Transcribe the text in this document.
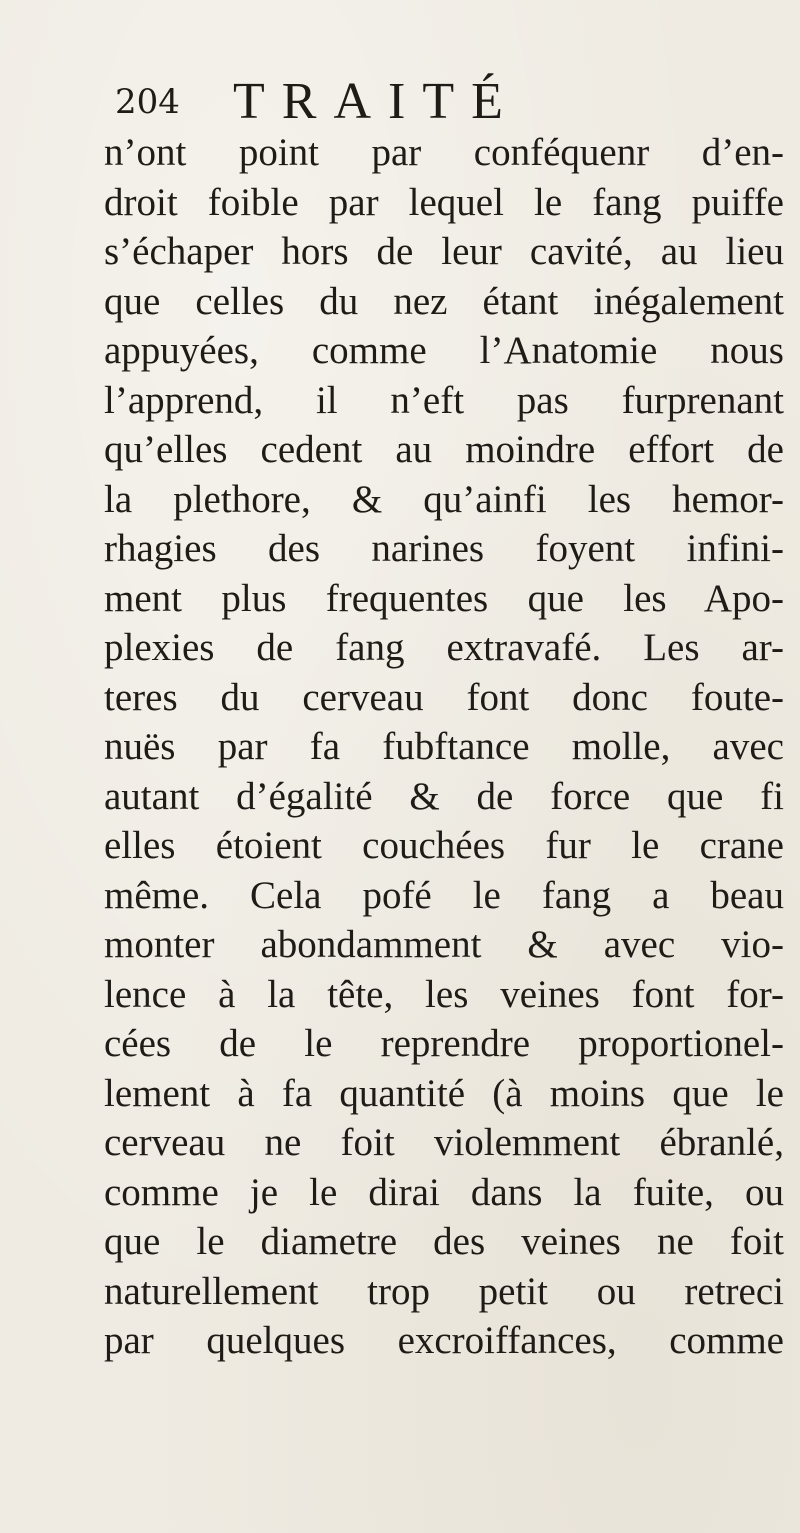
204 TRAITÉ
n’ont point par conféquenr d’en-
droit foible par lequel le fang puiffe
s’échaper hors de leur cavité, au lieu
que celles du nez étant inégalement
appuyées, comme l’Anatomie nous
l’apprend, il n’eft pas furprenant
qu’elles cedent au moindre effort de
la plethore, & qu’ainfi les hemor-
rhagies des narines foyent infini-
ment plus frequentes que les Apo-
plexies de fang extravafé. Les ar-
teres du cerveau font donc foute-
nuës par fa fubftance molle, avec
autant d’égalité & de force que fi
elles étoient couchées fur le crane
même. Cela pofé le fang a beau
monter abondamment & avec vio-
lence à la tête, les veines font for-
cées de le reprendre proportionel-
lement à fa quantité (à moins que le
cerveau ne foit violemment ébranlé,
comme je le dirai dans la fuite, ou
que le diametre des veines ne foit
naturellement trop petit ou retreci
par quelques excroiffances, comme
